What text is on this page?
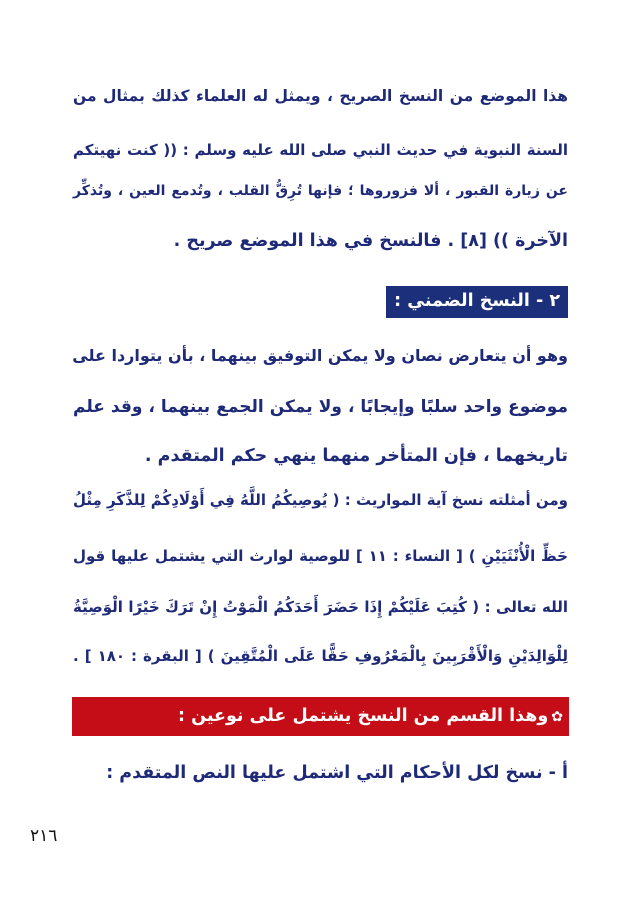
هذا الموضع من النسخ الصريح ، ويمثل له العلماء كذلك بمثال من
السنة النبوية في حديث النبي صلى الله عليه وسلم : (( كنت نهيتكم
عن زيارة القبور ، ألا فزوروها ؛ فإنها تُرِقُّ القلب ، وتُدمع العين ، وتُذكِّر
الآخرة )) [٨] . فالنسخ في هذا الموضع صريح .
٢ - النسخ الضمني :
وهو أن يتعارض نصان ولا يمكن التوفيق بينهما ، بأن يتواردا على
موضوع واحد سلبًا وإيجابًا ، ولا يمكن الجمع بينهما ، وقد علم
تاريخهما ، فإن المتأخر منهما ينهي حكم المتقدم .
ومن أمثلته نسخ آية المواريث : ( يُوصِيكُمُ اللَّهُ فِي أَوْلَادِكُمْ لِلذَّكَرِ مِثْلُ
حَظِّ الْأُنْثَيَيْنِ ) [ النساء : ١١ ] للوصية لوارث التي يشتمل عليها قول
الله تعالى : ( كُتِبَ عَلَيْكُمْ إِذَا حَضَرَ أَحَدَكُمُ الْمَوْتُ إِنْ تَرَكَ خَيْرًا الْوَصِيَّةُ
لِلْوَالِدَيْنِ وَالْأَقْرَبِينَ بِالْمَعْرُوفِ حَقًّا عَلَى الْمُتَّقِينَ ) [ البقرة : ١٨٠ ] .
✿وهذا القسم من النسخ يشتمل على نوعين :
أ - نسخ لكل الأحكام التي اشتمل عليها النص المتقدم :
٢١٦
